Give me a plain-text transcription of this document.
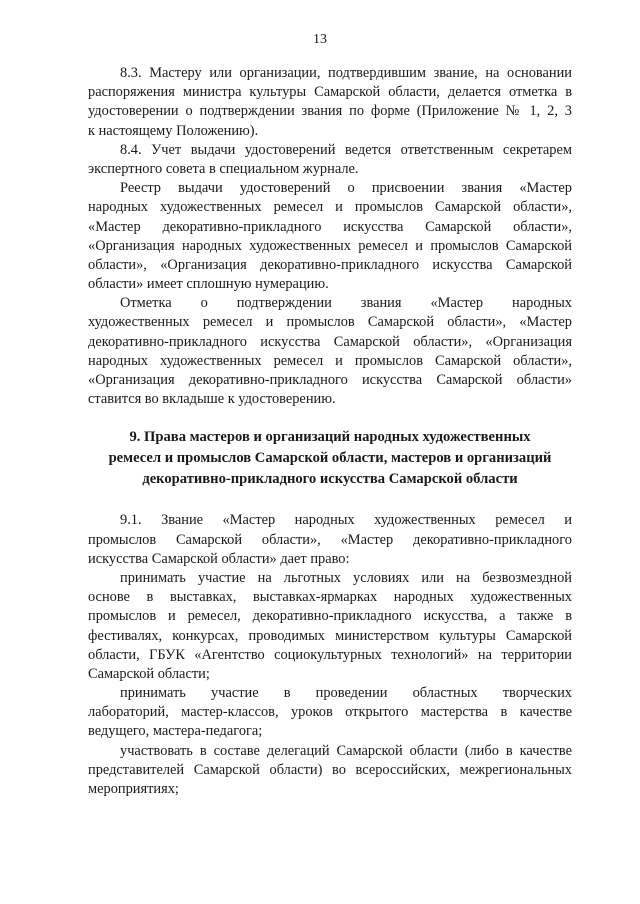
13
8.3. Мастеру или организации, подтвердившим звание, на основании
распоряжения министра культуры Самарской области, делается отметка в
удостоверении о подтверждении звания по форме (Приложение № 1, 2, 3
к настоящему Положению).
8.4. Учет выдачи удостоверений ведется ответственным секретарем
экспертного совета в специальном журнале.
Реестр выдачи удостоверений о присвоении звания «Мастер
народных художественных ремесел и промыслов Самарской области»,
«Мастер декоративно-прикладного искусства Самарской области»,
«Организация народных художественных ремесел и промыслов Самарской
области», «Организация декоративно-прикладного искусства Самарской
области» имеет сплошную нумерацию.
Отметка о подтверждении звания «Мастер народных
художественных ремесел и промыслов Самарской области», «Мастер
декоративно-прикладного искусства Самарской области», «Организация
народных художественных ремесел и промыслов Самарской области»,
«Организация декоративно-прикладного искусства Самарской области»
ставится во вкладыше к удостоверению.
9. Права мастеров и организаций народных художественных
ремесел и промыслов Самарской области, мастеров и организаций
декоративно-прикладного искусства Самарской области
9.1. Звание «Мастер народных художественных ремесел и
промыслов Самарской области», «Мастер декоративно-прикладного
искусства Самарской области» дает право:
принимать участие на льготных условиях или на безвозмездной
основе в выставках, выставках-ярмарках народных художественных
промыслов и ремесел, декоративно-прикладного искусства, а также в
фестивалях, конкурсах, проводимых министерством культуры Самарской
области, ГБУК «Агентство социокультурных технологий» на территории
Самарской области;
принимать участие в проведении областных творческих
лабораторий, мастер-классов, уроков открытого мастерства в качестве
ведущего, мастера-педагога;
участвовать в составе делегаций Самарской области (либо в качестве
представителей Самарской области) во всероссийских, межрегиональных
мероприятиях;
